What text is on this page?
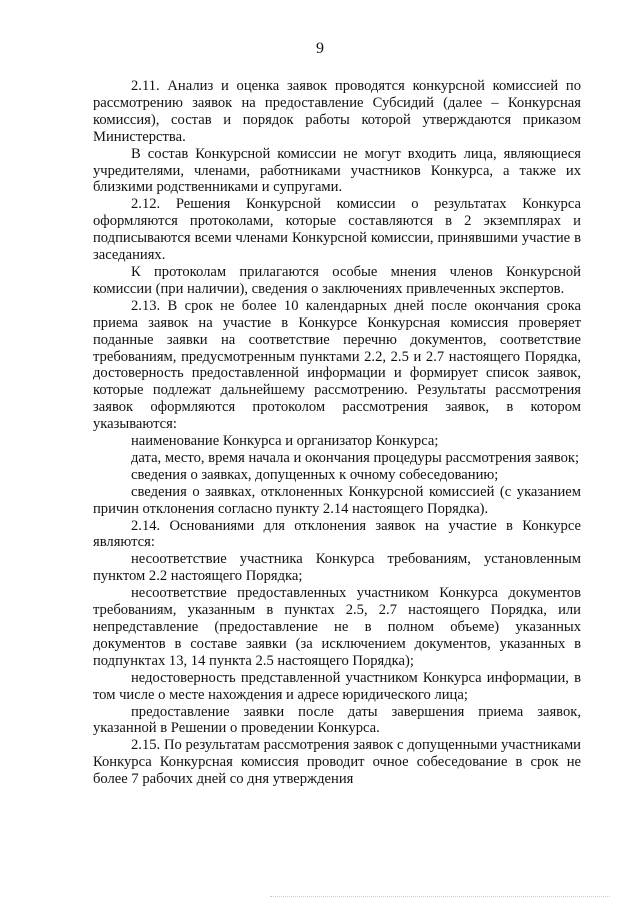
9

2.11. Анализ и оценка заявок проводятся конкурсной комиссией по рассмотрению заявок на предоставление Субсидий (далее – Конкурсная комиссия), состав и порядок работы которой утверждаются приказом Министерства.

В состав Конкурсной комиссии не могут входить лица, являющиеся учредителями, членами, работниками участников Конкурса, а также их близкими родственниками и супругами.

2.12. Решения Конкурсной комиссии о результатах Конкурса оформляются протоколами, которые составляются в 2 экземплярах и подписываются всеми членами Конкурсной комиссии, принявшими участие в заседаниях.

К протоколам прилагаются особые мнения членов Конкурсной комиссии (при наличии), сведения о заключениях привлеченных экспертов.

2.13. В срок не более 10 календарных дней после окончания срока приема заявок на участие в Конкурсе Конкурсная комиссия проверяет поданные заявки на соответствие перечню документов, соответствие требованиям, предусмотренным пунктами 2.2, 2.5 и 2.7 настоящего Порядка, достоверность предоставленной информации и формирует список заявок, которые подлежат дальнейшему рассмотрению. Результаты рассмотрения заявок оформляются протоколом рассмотрения заявок, в котором указываются:

наименование Конкурса и организатор Конкурса;

дата, место, время начала и окончания процедуры рассмотрения заявок;

сведения о заявках, допущенных к очному собеседованию;

сведения о заявках, отклоненных Конкурсной комиссией (с указанием причин отклонения согласно пункту 2.14 настоящего Порядка).

2.14. Основаниями для отклонения заявок на участие в Конкурсе являются:

несоответствие участника Конкурса требованиям, установленным пунктом 2.2 настоящего Порядка;

несоответствие предоставленных участником Конкурса документов требованиям, указанным в пунктах 2.5, 2.7 настоящего Порядка, или непредставление (предоставление не в полном объеме) указанных документов в составе заявки (за исключением документов, указанных в подпунктах 13, 14 пункта 2.5 настоящего Порядка);

недостоверность представленной участником Конкурса информации, в том числе о месте нахождения и адресе юридического лица;

предоставление заявки после даты завершения приема заявок, указанной в Решении о проведении Конкурса.

2.15. По результатам рассмотрения заявок с допущенными участниками Конкурса Конкурсная комиссия проводит очное собеседование в срок не более 7 рабочих дней со дня утверждения
